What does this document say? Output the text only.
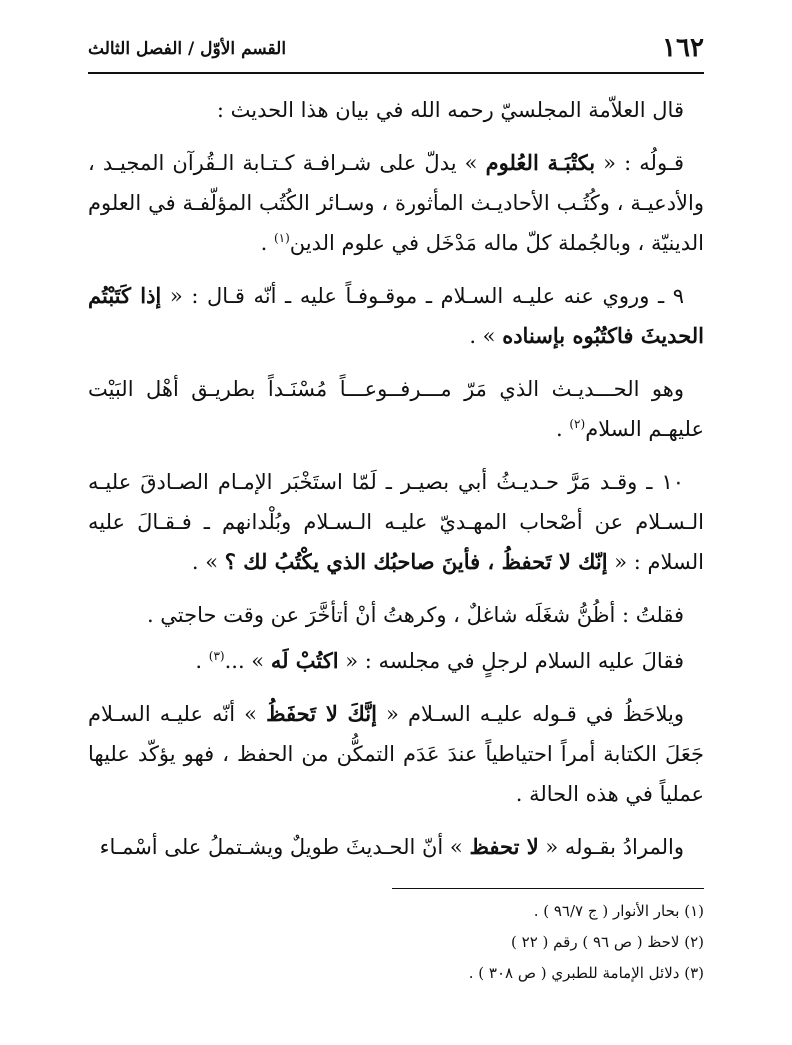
١٦٢
القسم الأوّل / الفصل الثالث

قال العلاّمة المجلسيّ رحمه الله في بيان هذا الحديث :

قـولُه : « بكتْبَـة العُلوم » يدلّ على شـرافـة كـتـابة الـقُرآن المجيـد ، والأدعيـة ، وكُتُـب الأحاديـث المأثورة ، وسـائر الكُتُب المؤلّفـة في العلوم الدينيّة ، وبالجُملة كلّ ماله مَدْخَل في علوم الدين$^{(١)}$ .

٩ ـ وروي عنه عليـه السـلام ـ موقـوفـاً عليه ـ أنّه قـال : « إذا كَتَبْتُم الحديثَ فاكتُبُوه بإسناده » .

وهو الحـــديـث الذي مَرّ مـــرفــوعـــاً مُسْنَـداً بطريـق أهْل البَيْت عليهـم السلام$^{(٢)}$ .

١٠ ـ وقـد مَرَّ حـديـثُ أبي بصيـر ـ لَمّا استَخْبَر الإمـام الصـادقَ عليـه الـسـلام عن أصْحاب المهـديّ عليـه الـسـلام وبُلْدانهم ـ فـقـالَ عليه السلام : « إنّك لا تَحفظُ ، فأينَ صاحبُك الذي يكْتُبُ لك ؟ » .

فقلتُ : أظُنُّ شغَلَه شاغلٌ ، وكرهتُ أنْ أتأخَّرَ عن وقت حاجتي .

فقالَ عليه السلام لرجلٍ في مجلسه : « اكتُبْ لَه » ...$^{(٣)}$ .

ويلاحَظُ في قـوله عليـه السـلام « إنَّكَ لا تَحفَظُ » أنّه عليـه السـلام جَعَلَ الكتابة أمراً احتياطياً عندَ عَدَم التمكُّن من الحفظ ، فهو يؤكّد عليها عملياً في هذه الحالة .

والمرادُ بقـوله « لا تحفظ » أنّ الحـديثَ طويلٌ ويشـتملُ على أسْمـاء

(١) بحار الأنوار ( ج ٩٦/٧ ) .

(٢) لاحظ ( ص ٩٦ ) رقم ( ٢٢ )

(٣) دلائل الإمامة للطبري ( ص ٣٠٨ ) .
